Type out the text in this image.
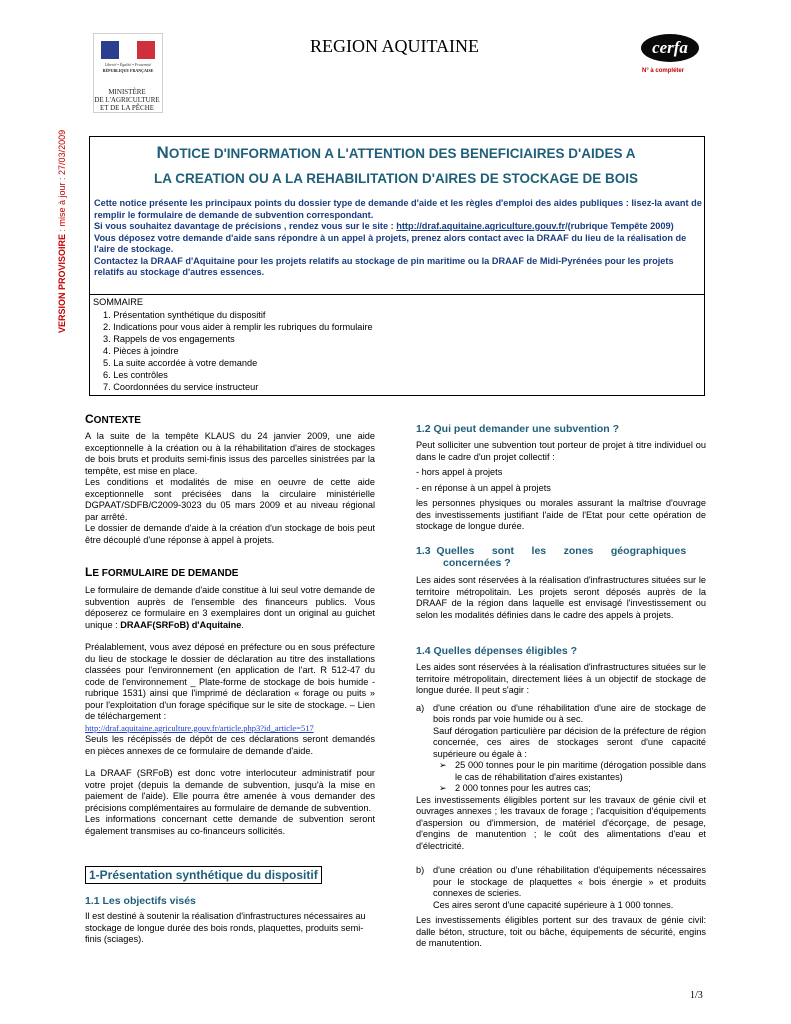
Liberté • Égalité • Fraternité
RÉPUBLIQUE FRANÇAISE
MINISTÈRE
DE L'AGRICULTURE
ET DE LA PÊCHE
REGION AQUITAINE	cerfa
N° à compléter
VERSION PROVISOIRE : mise à jour : 27/03/2009	NOTICE D'INFORMATION A L'ATTENTION DES BENEFICIAIRES D'AIDES A
LA CREATION OU A LA REHABILITATION D'AIRES DE STOCKAGE DE BOIS

Cette notice présente les principaux points du dossier type de demande d'aide et les règles d'emploi des aides publiques : lisez-la avant de remplir le formulaire de demande de subvention correspondant.

Si vous souhaitez davantage de précisions , rendez vous sur le site : http://draf.aquitaine.agriculture.gouv.fr/(rubrique Tempête 2009)

Vous déposez votre demande d'aide sans répondre à un appel à projets, prenez alors contact avec la DRAAF du lieu de la réalisation de l'aire de stockage.

Contactez la DRAAF d'Aquitaine pour les projets relatifs au stockage de pin maritime ou la DRAAF de Midi-Pyrénées pour les projets relatifs au stockage d'autres essences.

SOMMAIRE
1. Présentation synthétique du dispositif
2. Indications pour vous aider à remplir les rubriques du formulaire
3. Rappels de vos engagements
4. Pièces à joindre
5. La suite accordée à votre demande
6. Les contrôles
7. Coordonnées du service instructeur
CONTEXTE

A la suite de la tempête KLAUS du 24 janvier 2009, une aide exceptionnelle à la création ou à la réhabilitation d'aires de stockages de bois bruts et produits semi-finis issus des parcelles sinistrées par la tempête, est mise en place.

Les conditions et modalités de mise en oeuvre de cette aide exceptionnelle sont précisées dans la circulaire ministérielle DGPAAT/SDFB/C2009-3023 du 05 mars 2009 et au niveau régional par arrêté.

Le dossier de demande d'aide à la création d'un stockage de bois peut être découplé d'une réponse à appel à projets.

LE FORMULAIRE DE DEMANDE

Le formulaire de demande d'aide constitue à lui seul votre demande de subvention auprès de l'ensemble des financeurs publics. Vous déposerez ce formulaire en 3 exemplaires dont un original au guichet unique : DRAAF(SRFoB) d'Aquitaine.

Préalablement, vous avez déposé en préfecture ou en sous préfecture du lieu de stockage le dossier de déclaration au titre des installations classées pour l'environnement (en application de l'art. R 512-47 du code de l'environnement _ Plate-forme de stockage de bois humide - rubrique 1531) ainsi que l'imprimé de déclaration « forage ou puits » pour l'exploitation d'un forage spécifique sur le site de stockage. – Lien de téléchargement :

http://draf.aquitaine.agriculture.gouv.fr/article.php3?id_article=517

Seuls les récépissés de dépôt de ces déclarations seront demandés en pièces annexes de ce formulaire de demande d'aide.

La DRAAF (SRFoB) est donc votre interlocuteur administratif pour votre projet (depuis la demande de subvention, jusqu'à la mise en paiement de l'aide). Elle pourra être amenée à vous demander des précisions complémentaires au formulaire de demande de subvention.

Les informations concernant cette demande de subvention seront également transmises au co-financeurs sollicités.

1-Présentation synthétique du dispositif
1.1 Les objectifs visés
Il est destiné à soutenir la réalisation d'infrastructures nécessaires au stockage de longue durée des bois ronds, plaquettes, produits semi-finis (sciages).
1.2 Qui peut demander une subvention ?

Peut solliciter une subvention tout porteur de projet à titre individuel ou dans le cadre d'un projet collectif :

- hors appel à projets
- en réponse à un appel à projets

les personnes physiques ou morales assurant la maîtrise d'ouvrage des investissements justifiant l'aide de l'Etat pour cette opération de stockage de longue durée.

1.3  Quelles      sont      les      zones      géographiques
concernées ?
Les aides sont réservées à la réalisation d'infrastructures situées sur le territoire métropolitain. Les projets seront déposés auprès de la DRAAF de la région dans laquelle est envisagé l'investissement ou selon les modalités définies dans le cadre des appels à projets.
1.4 Quelles dépenses éligibles ?

Les aides sont réservées à la réalisation d'infrastructures situées sur le territoire métropolitain, directement liées à un objectif de stockage de longue durée. Il peut s'agir :

a) d'une création ou d'une réhabilitation d'une aire de stockage de bois ronds par voie humide ou à sec.

Sauf dérogation particulière par décision de la préfecture de région concernée, ces aires de stockages seront d'une capacité supérieure ou égale à :

➢ 25 000 tonnes pour le pin maritime (dérogation possible dans le cas de réhabilitation d'aires existantes)
➢ 2 000 tonnes pour les autres cas;

Les investissements éligibles portent sur les travaux de génie civil et ouvrages annexes ; les travaux de forage ; l'acquisition d'équipements d'aspersion ou d'immersion, de matériel d'écorçage, de pesage, d'engins de manutention ; le coût des alimentations d'eau et d'électricité.

b) d'une création ou d'une réhabilitation d'équipements nécessaires pour le stockage de plaquettes « bois énergie » et produits connexes de scieries.

Ces aires seront d'une capacité supérieure à 1 000 tonnes.

Les investissements éligibles portent sur des travaux de génie civil: dalle béton, structure, toit ou bâche, équipements de sécurité, engins de manutention.

1/3
